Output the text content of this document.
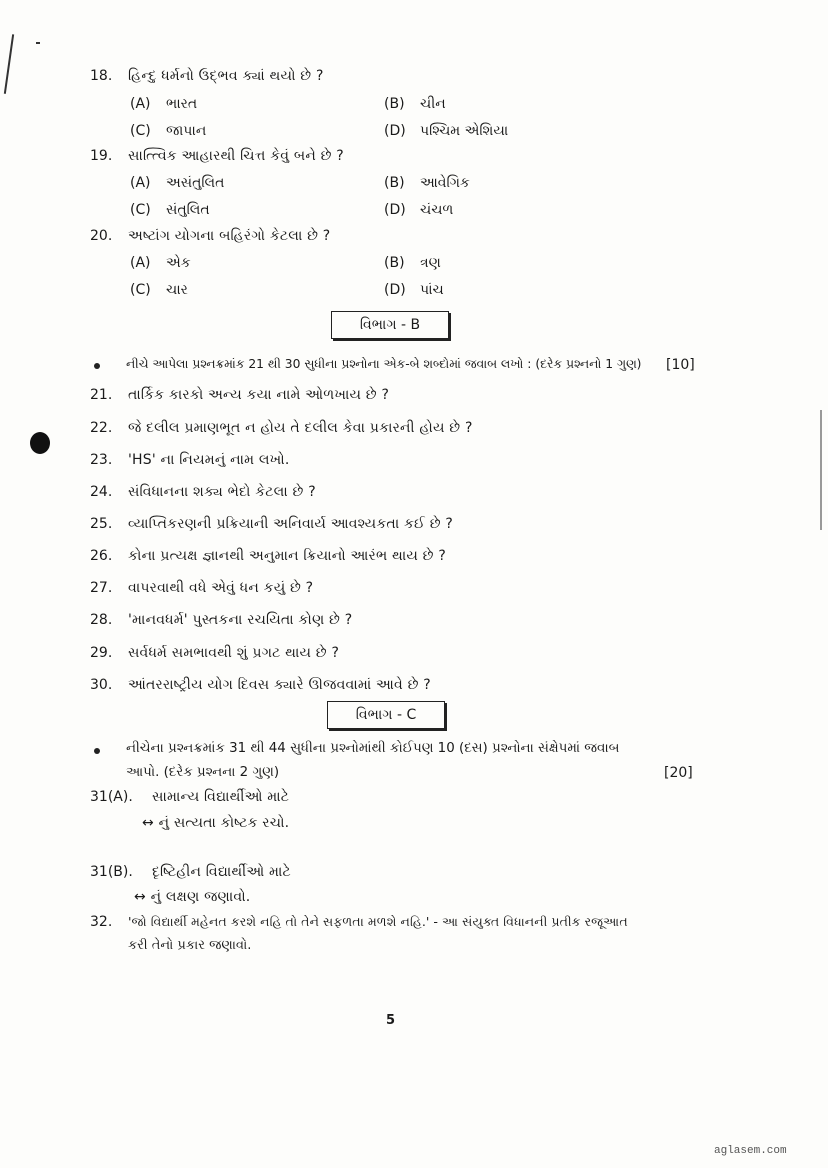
18. હિન્દુ ધર્મનો ઉદ્‌ભવ ક્યાં થયો છે ?
(A) ભારત	(B) ચીન
(C) જાપાન	(D) પશ્ચિમ એશિયા
19. સાત્ત્વિક આહારથી ચિત્ત કેવું બને છે ?
(A) અસંતુલિત	(B) આવેગિક
(C) સંતુલિત	(D) ચંચળ
20. અષ્ટાંગ યોગના બહિરંગો કેટલા છે ?
(A) એક	(B) ત્રણ
(C) ચાર	(D) પાંચ
વિભાગ - B
નીચે આપેલા પ્રશ્નક્રમાંક 21 થી 30 સુધીના પ્રશ્નોના એક-બે શબ્દોમાં જવાબ લખો : (દરેક પ્રશ્નનો 1 ગુણ) [10]
21. તાર્કિક કારકો અન્ય કયા નામે ઓળખાય છે ?
22. જે દલીલ પ્રમાણભૂત ન હોય તે દલીલ કેવા પ્રકારની હોય છે ?
23. 'HS' ના નિયમનું નામ લખો.
24. સંવિધાનના શક્ય ભેદો કેટલા છે ?
25. વ્યાપ્તિકરણની પ્રક્રિયાની અનિવાર્ય આવશ્યકતા કઈ છે ?
26. કોના પ્રત્યક્ષ જ્ઞાનથી અનુમાન ક્રિયાનો આરંભ થાય છે ?
27. વાપરવાથી વધે એવું ધન કયું છે ?
28. 'માનવધર્મ' પુસ્તકના રચયિતા કોણ છે ?
29. સર્વધર્મ સમભાવથી શું પ્રગટ થાય છે ?
30. આંતરરાષ્ટ્રીય યોગ દિવસ ક્યારે ઊજવવામાં આવે છે ?
વિભાગ - C
નીચેના પ્રશ્નક્રમાંક 31 થી 44 સુધીના પ્રશ્નોમાંથી કોઈપણ 10 (દસ) પ્રશ્નોના સંક્ષેપમાં જવાબ
આપો. (દરેક પ્રશ્નના 2 ગુણ)	[20]
31(A). સામાન્ય વિદ્યાર્થીઓ માટે
↔ નું સત્યતા કોષ્ટક રચો.
31(B). દૃષ્ટિહીન વિદ્યાર્થીઓ માટે
↔ નું લક્ષણ જણાવો.
32. 'જો વિદ્યાર્થી મહેનત કરશે નહિ તો તેને સફળતા મળશે નહિ.' - આ સંયુક્ત વિધાનની પ્રતીક રજૂઆત
કરી તેનો પ્રકાર જણાવો.
5
aglasem.com
